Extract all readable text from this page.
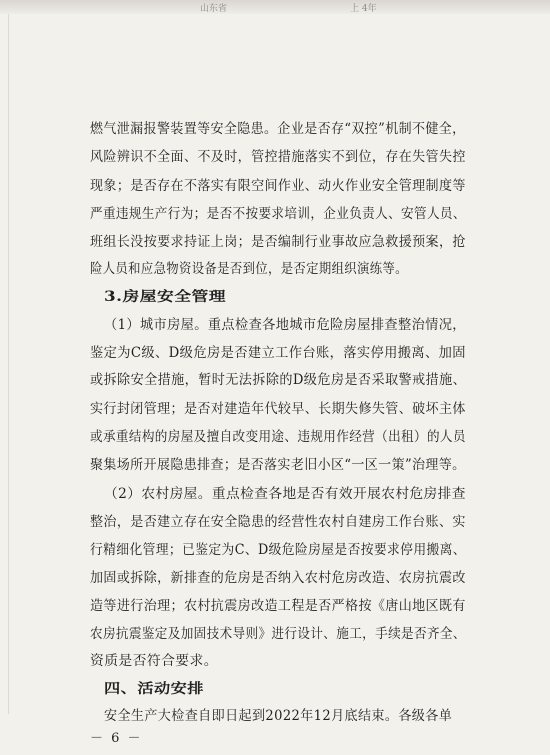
山东省	上 4年
燃气泄漏报警装置等安全隐患。企业是否存“双控”机制不健全，
风险辨识不全面、不及时，管控措施落实不到位，存在失管失控
现象；是否存在不落实有限空间作业、动火作业安全管理制度等
严重违规生产行为；是否不按要求培训，企业负责人、安管人员、
班组长没按要求持证上岗；是否编制行业事故应急救援预案，抢
险人员和应急物资设备是否到位，是否定期组织演练等。
3.房屋安全管理
（1）城市房屋。重点检查各地城市危险房屋排查整治情况，
鉴定为C级、D级危房是否建立工作台账，落实停用搬离、加固
或拆除安全措施，暂时无法拆除的D级危房是否采取警戒措施、
实行封闭管理；是否对建造年代较早、长期失修失管、破坏主体
或承重结构的房屋及擅自改变用途、违规用作经营（出租）的人员
聚集场所开展隐患排查；是否落实老旧小区“一区一策”治理等。
（2）农村房屋。重点检查各地是否有效开展农村危房排查
整治，是否建立存在安全隐患的经营性农村自建房工作台账、实
行精细化管理；已鉴定为C、D级危险房屋是否按要求停用搬离、
加固或拆除，新排查的危房是否纳入农村危房改造、农房抗震改
造等进行治理；农村抗震房改造工程是否严格按《唐山地区既有
农房抗震鉴定及加固技术导则》进行设计、施工，手续是否齐全、
资质是否符合要求。
四、活动安排
安全生产大检查自即日起到2022年12月底结束。各级各单
－ 6 －
